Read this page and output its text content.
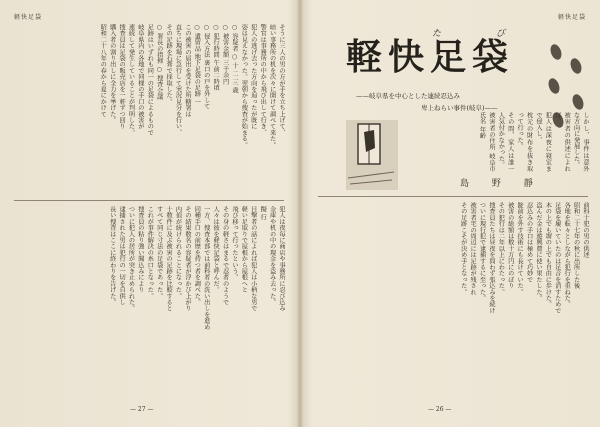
軽快足袋

そうに三人の男の方が手を立ち上げて、

暗い事務所の机を次々に開けて調べて来た。

警官は事務所の中から飛び出して行き、

犯人の逃げ去った方向を追ったが既に

姿は見えなかった。翌朝から捜査が始まる。

○ 容疑者 ○ 十 二 三 歳

○ 被害金額 三千余円

○ 犯行時間 午前二時頃

○ 侵入方法 裏口の戸を外して

○ 遺留品 地下足袋の足跡 一

この被害の届出を受けた所轄署は

直ちに現場に急行して実況見分を行い、

その足跡を石膏で採取した。

○ 署長の指揮 ○ 捜査会議

足跡はいずれも同一の足袋によるもので

岐阜県内の各地で同様の手口の被害が

連続して発生していることが判明した。

捜査員は足袋の販売店を一軒ずつ回り

購入者の割り出しに全力を挙げた。

昭和二十八年の春から夏にかけて

犯人は夜毎に商店や事務所に忍び込み

金庫や机の中の現金を盗み去った。

擬 行

目撃者の話によれば犯人は小柄な男で

軽い足取りで屋根から屋根へと

飛び移って行ったという。

その身の軽さはまるで忍者のようで

人々は彼を軽快足袋と呼んだ。

一方、捜査本部では前科者の洗い出しを進め

同種手口の前歴を持つ者を調べた。

その結果数名の容疑者が浮かび上がり

内偵が続けられることになった。

十数件に及ぶ被害の足跡を比較すると

すべて同じ寸法の足袋であった。

これが事件解決の糸口となった。

捜査員の粘り強い聞込みにより

ついに犯人の居所が突き止められた。

逮捕された男は犯行の一切を自供し

長い捜査はここに終わりを告げた。

— 27 —
軽快足袋
た	び
軽快足袋
——岐阜県を中心とした連続忍込み
卑上ねらい事件(岐阜)——
島 野 靜

しかし、事件は意外な方向に発展した。

被害者の供述によれば、

犯人は深夜に寝室まで侵入し、

枕元の財布を抜き取って行った。

その間、家人は誰一人気付かなかった。

被害者の住所 岐阜市 氏名 年齢

前科十犯の男の供述

昭和二十七年の秋に出所した後

各地を転々としながら犯行を重ねた。

足袋を履いていたのは足音を消すためで

木の上でも塀の上でも自由に歩けた。

盗んだ金は遊興費に使い果たした。

忍込みの手口は極めて巧妙で

錠前を外す技術にも長けていた。

被害の総額は数十万円にのぼり

その犯行は二年以上にわたった。

捜査員たちは昼夜を問わず張込みを続け

ついに現行犯で逮捕するに至った。

被害者宅の周辺には足跡が残され

その足跡こそが決め手となった。

— 26 —
